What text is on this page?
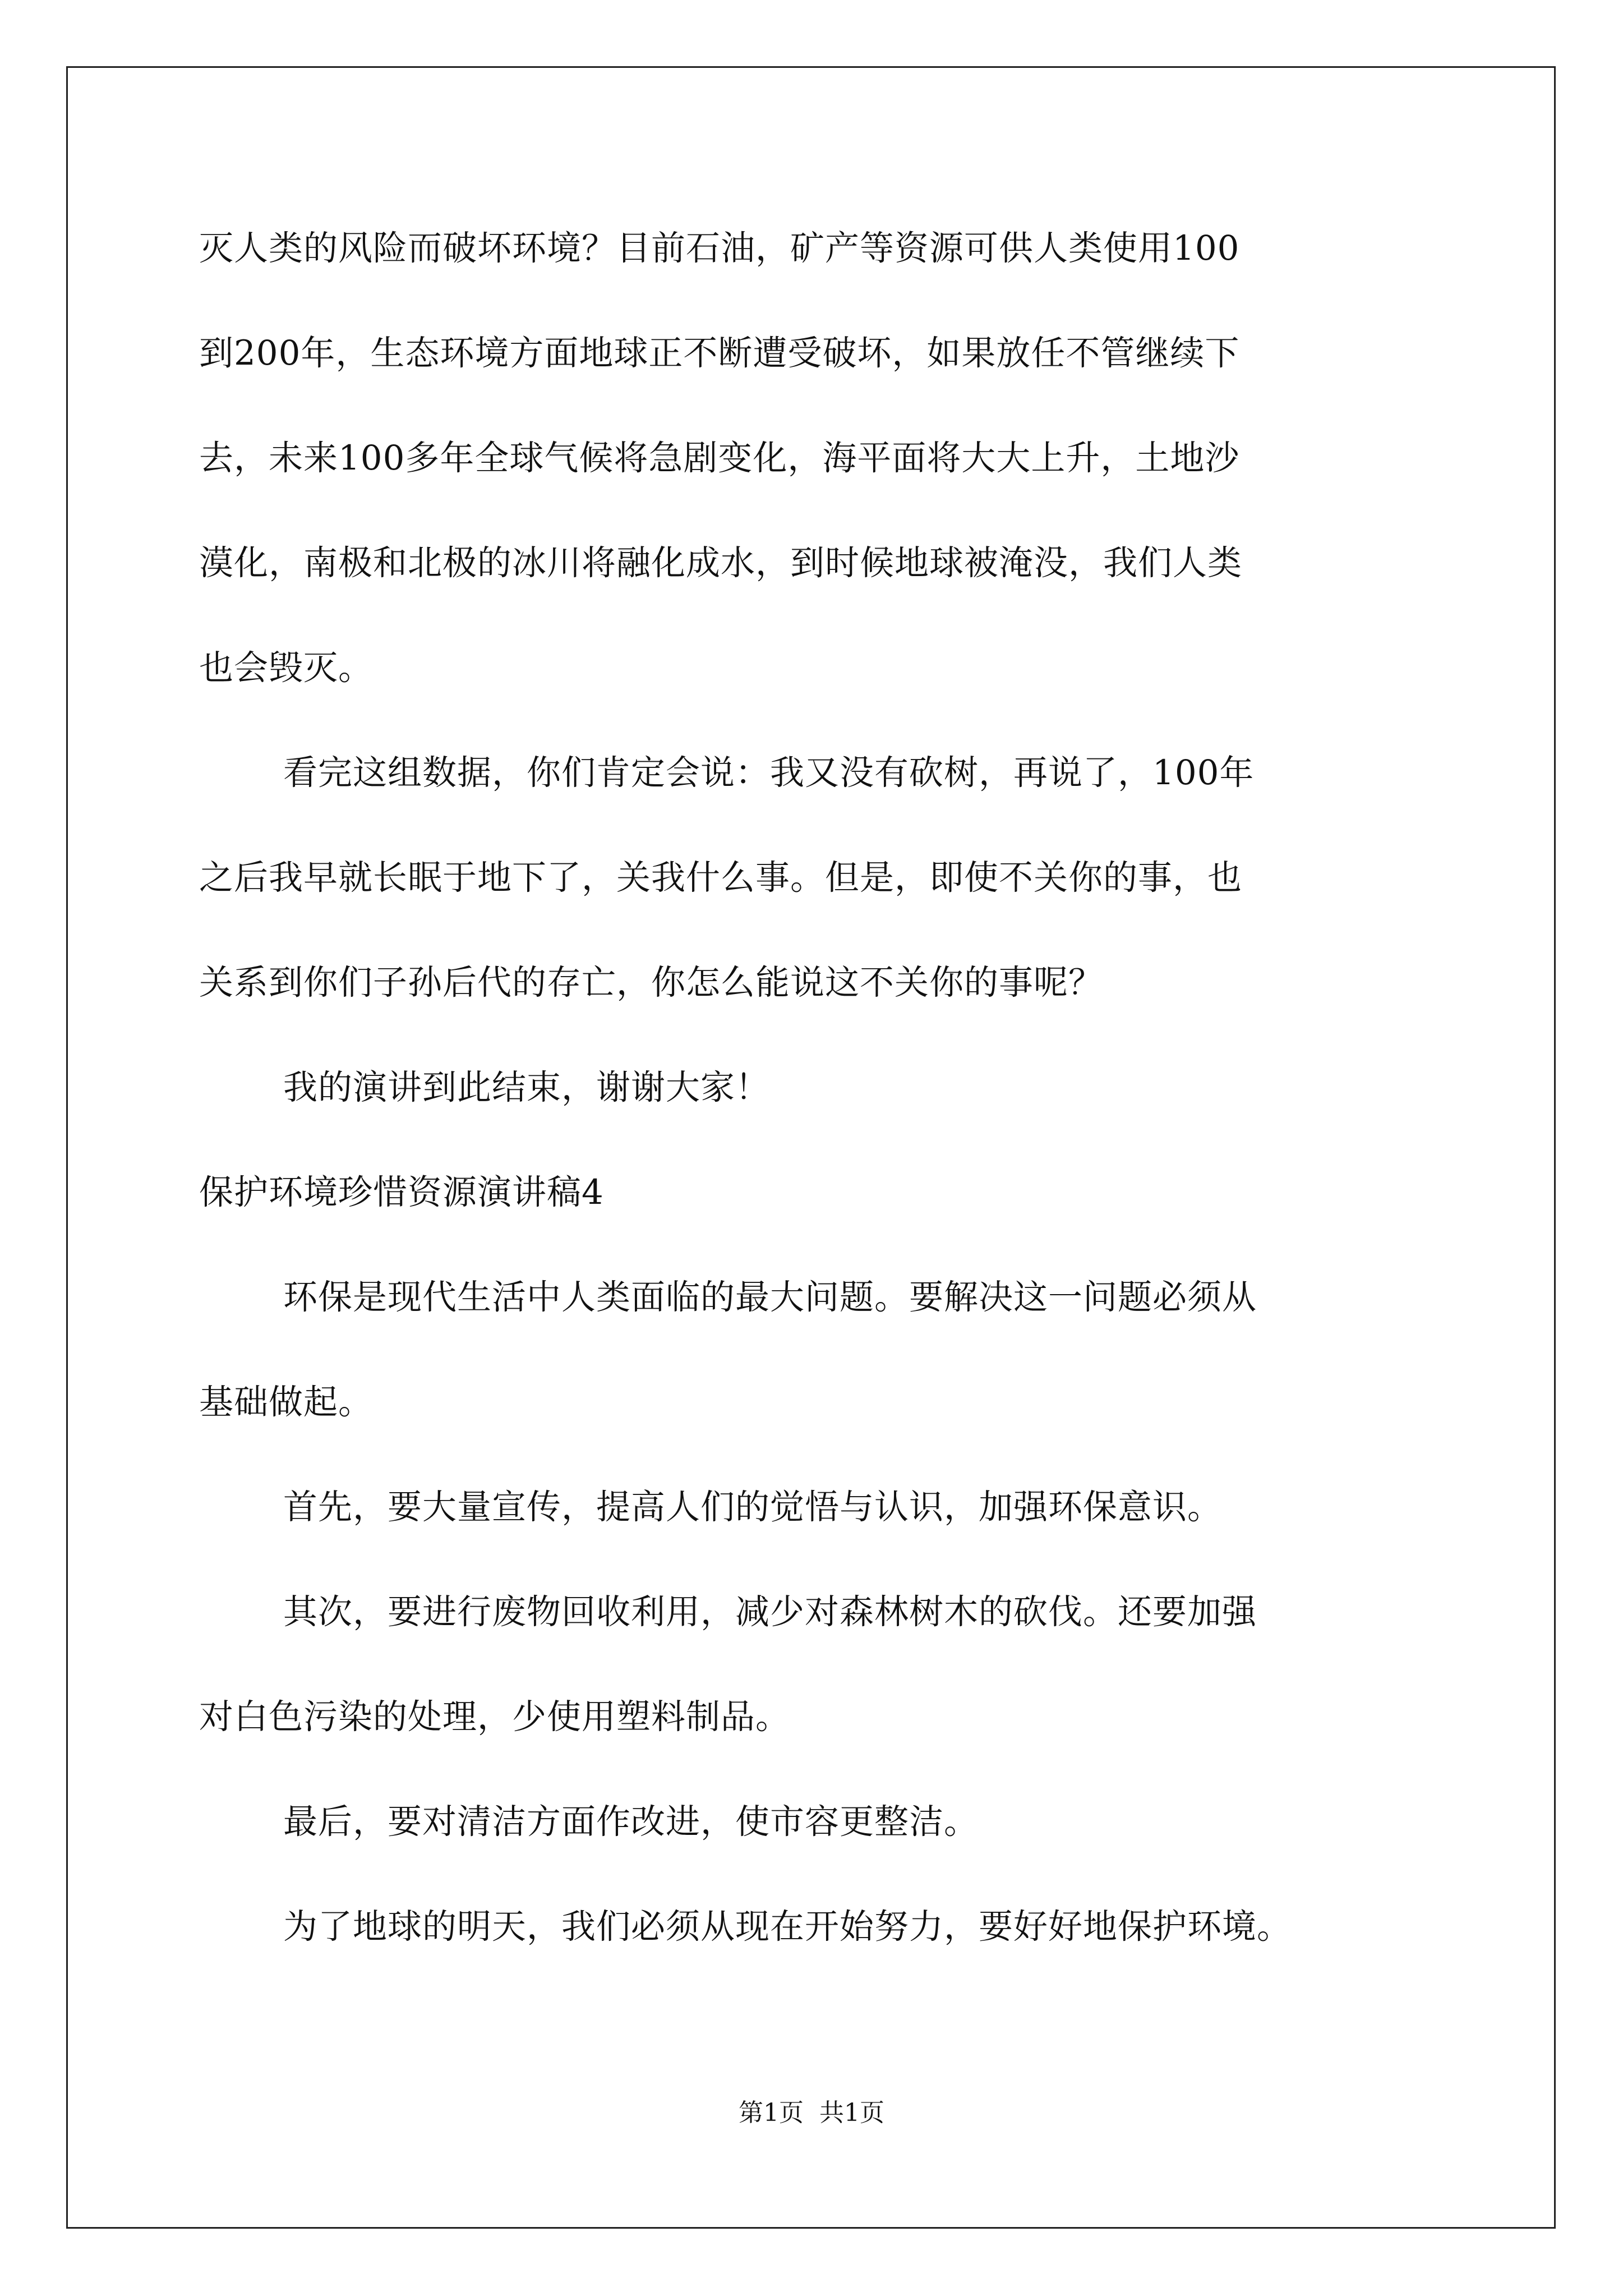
灭人类的风险而破坏环境？目前石油，矿产等资源可供人类使用100
到200年，生态环境方面地球正不断遭受破坏，如果放任不管继续下
去，未来100多年全球气候将急剧变化，海平面将大大上升，土地沙
漠化，南极和北极的冰川将融化成水，到时候地球被淹没，我们人类
也会毁灭。
看完这组数据，你们肯定会说：我又没有砍树，再说了，100年
之后我早就长眠于地下了，关我什么事。但是，即使不关你的事，也
关系到你们子孙后代的存亡，你怎么能说这不关你的事呢？
我的演讲到此结束，谢谢大家！
保护环境珍惜资源演讲稿4
环保是现代生活中人类面临的最大问题。要解决这一问题必须从
基础做起。
首先，要大量宣传，提高人们的觉悟与认识，加强环保意识。
其次，要进行废物回收利用，减少对森林树木的砍伐。还要加强
对白色污染的处理，少使用塑料制品。
最后，要对清洁方面作改进，使市容更整洁。
为了地球的明天，我们必须从现在开始努力，要好好地保护环境。
第1页  共1页
